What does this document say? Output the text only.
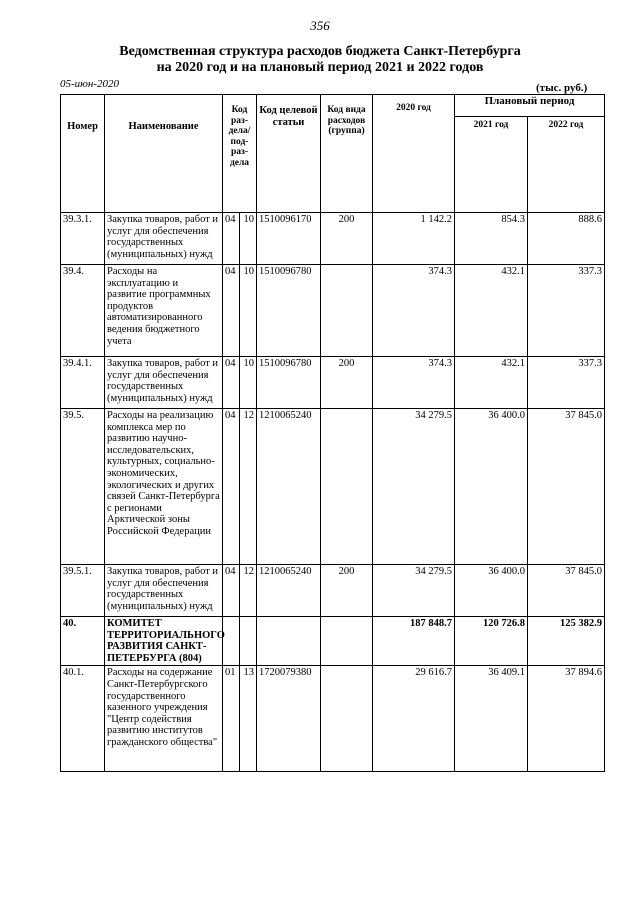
356
Ведомственная структура расходов бюджета Санкт-Петербурга
на 2020 год и на плановый период 2021 и 2022 годов
05-июн-2020	(тыс. руб.)
Номер	Наименование	Код раз-дела/ под-раз-дела		Код целевой статьи	Код вида расходов (группа)	2020 год	Плановый период	
							2021 год	2022 год
39.3.1.	Закупка товаров, работ и услуг для обеспечения государственных (муниципальных) нужд	04	10	1510096170	200	1 142.2	854.3	888.6
39.4.	Расходы на эксплуатацию и развитие программных продуктов автоматизированного ведения бюджетного учета	04	10	1510096780		374.3	432.1	337.3
39.4.1.	Закупка товаров, работ и услуг для обеспечения государственных (муниципальных) нужд	04	10	1510096780	200	374.3	432.1	337.3
39.5.	Расходы на реализацию комплекса мер по развитию научно-исследовательских, культурных, социально-экономических, экологических и других связей Санкт-Петербурга с регионами Арктической зоны Российской Федерации	04	12	1210065240		34 279.5	36 400.0	37 845.0
39.5.1.	Закупка товаров, работ и услуг для обеспечения государственных (муниципальных) нужд	04	12	1210065240	200	34 279.5	36 400.0	37 845.0
40.	КОМИТЕТ ТЕРРИТОРИАЛЬНОГО РАЗВИТИЯ САНКТ-ПЕТЕРБУРГА (804)					187 848.7	120 726.8	125 382.9
40.1.	Расходы на содержание Санкт-Петербургского государственного казенного учреждения "Центр содействия развитию институтов гражданского общества"	01	13	1720079380		29 616.7	36 409.1	37 894.6
